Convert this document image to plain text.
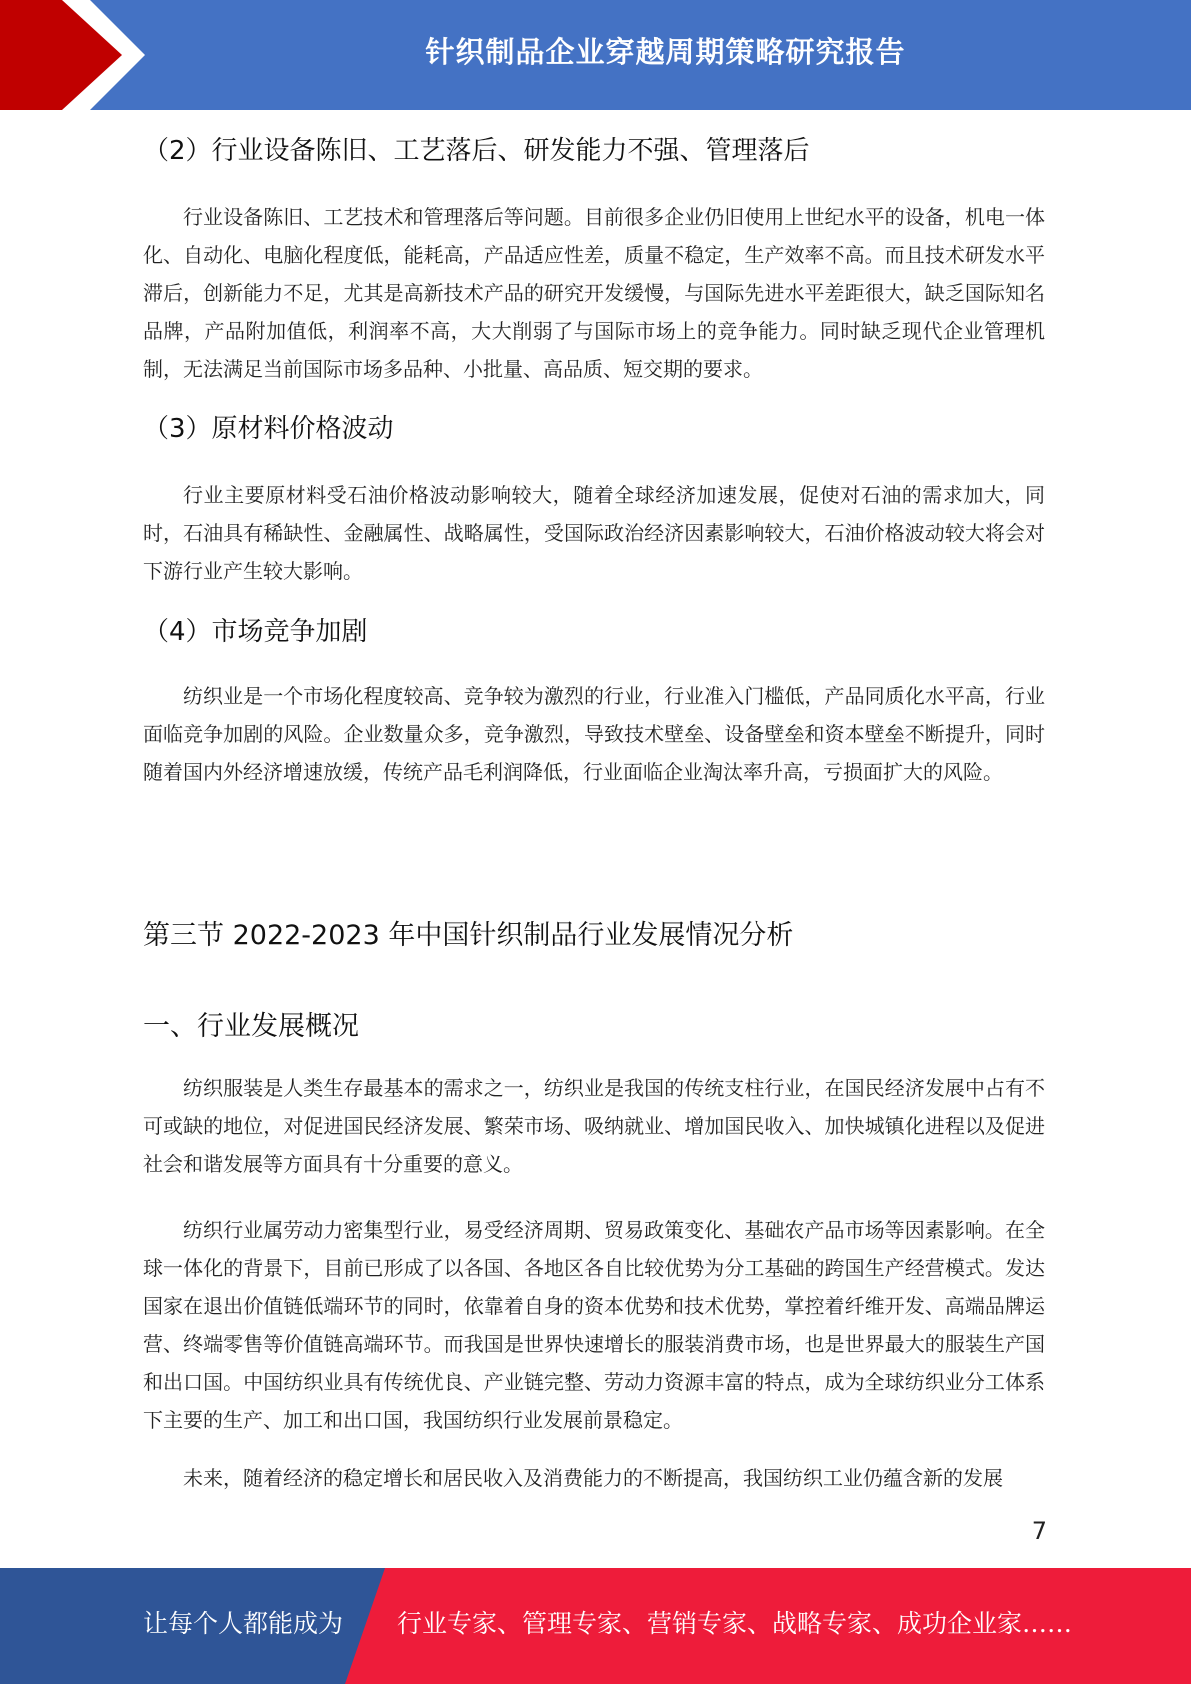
针织制品企业穿越周期策略研究报告
（2）行业设备陈旧、工艺落后、研发能力不强、管理落后

行业设备陈旧、工艺技术和管理落后等问题。目前很多企业仍旧使用上世纪水平的设备，机电一体化、自动化、电脑化程度低，能耗高，产品适应性差，质量不稳定，生产效率不高。而且技术研发水平滞后，创新能力不足，尤其是高新技术产品的研究开发缓慢，与国际先进水平差距很大，缺乏国际知名品牌，产品附加值低，利润率不高，大大削弱了与国际市场上的竞争能力。同时缺乏现代企业管理机制，无法满足当前国际市场多品种、小批量、高品质、短交期的要求。

（3）原材料价格波动

行业主要原材料受石油价格波动影响较大，随着全球经济加速发展，促使对石油的需求加大，同时，石油具有稀缺性、金融属性、战略属性，受国际政治经济因素影响较大，石油价格波动较大将会对下游行业产生较大影响。

（4）市场竞争加剧

纺织业是一个市场化程度较高、竞争较为激烈的行业，行业准入门槛低，产品同质化水平高，行业面临竞争加剧的风险。企业数量众多，竞争激烈，导致技术壁垒、设备壁垒和资本壁垒不断提升，同时随着国内外经济增速放缓，传统产品毛利润降低，行业面临企业淘汰率升高，亏损面扩大的风险。

第三节 2022-2023 年中国针织制品行业发展情况分析
一、行业发展概况

纺织服装是人类生存最基本的需求之一，纺织业是我国的传统支柱行业，在国民经济发展中占有不可或缺的地位，对促进国民经济发展、繁荣市场、吸纳就业、增加国民收入、加快城镇化进程以及促进社会和谐发展等方面具有十分重要的意义。

纺织行业属劳动力密集型行业，易受经济周期、贸易政策变化、基础农产品市场等因素影响。在全球一体化的背景下，目前已形成了以各国、各地区各自比较优势为分工基础的跨国生产经营模式。发达国家在退出价值链低端环节的同时，依靠着自身的资本优势和技术优势，掌控着纤维开发、高端品牌运营、终端零售等价值链高端环节。而我国是世界快速增长的服装消费市场，也是世界最大的服装生产国和出口国。中国纺织业具有传统优良、产业链完整、劳动力资源丰富的特点，成为全球纺织业分工体系下主要的生产、加工和出口国，我国纺织行业发展前景稳定。

未来，随着经济的稳定增长和居民收入及消费能力的不断提高，我国纺织工业仍蕴含新的发展

7
让每个人都能成为 行业专家、管理专家、营销专家、战略专家、成功企业家……
